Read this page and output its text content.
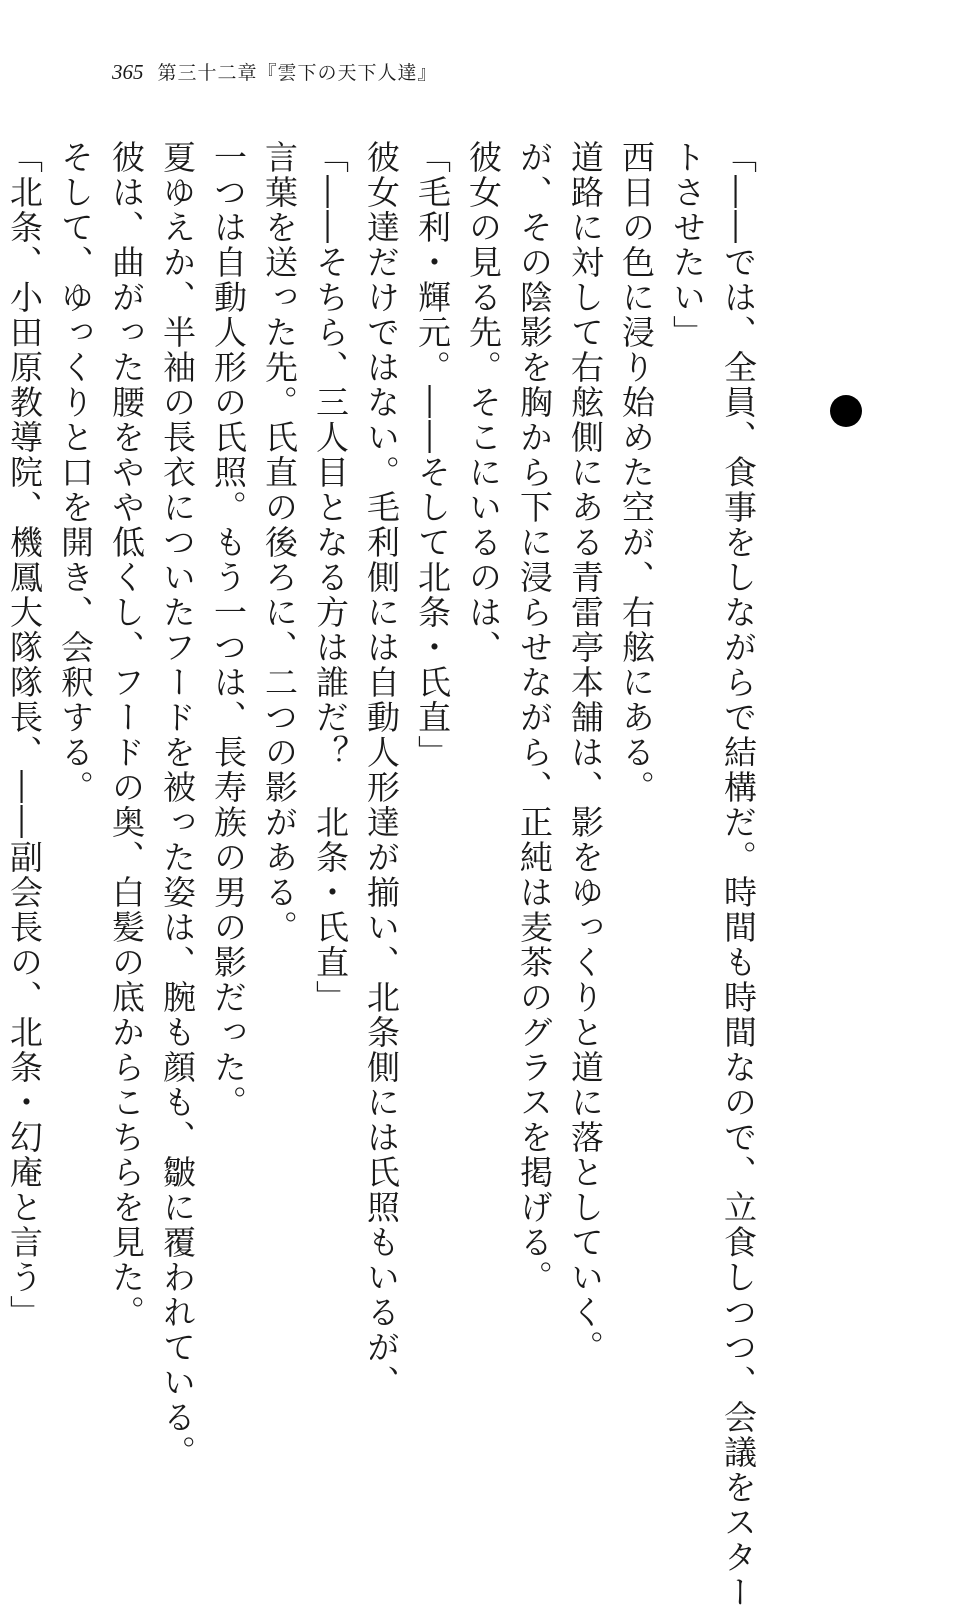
365 第三十二章『雲下の天下人達』
「――では、全員、食事をしながらで結構だ。時間も時間なので、立食しつつ、会議をスター
トさせたい」
西日の色に浸り始めた空が、右舷にある。
道路に対して右舷側にある青雷亭本舗は、影をゆっくりと道に落としていく。
が、その陰影を胸から下に浸らせながら、正純は麦茶のグラスを掲げる。
彼女の見る先。そこにいるのは、
「毛利・輝元。――そして北条・氏直」
彼女達だけではない。毛利側には自動人形達が揃い、北条側には氏照もいるが、
「――そちら、三人目となる方は誰だ？　北条・氏直」
言葉を送った先。氏直の後ろに、二つの影がある。
一つは自動人形の氏照。もう一つは、長寿族の男の影だった。
夏ゆえか、半袖の長衣についたフードを被った姿は、腕も顔も、皺に覆われている。
彼は、曲がった腰をやや低くし、フードの奥、白髪の底からこちらを見た。
そして、ゆっくりと口を開き、会釈する。
「北条、小田原教導院、機鳳大隊隊長、――副会長の、北条・幻庵と言う」
